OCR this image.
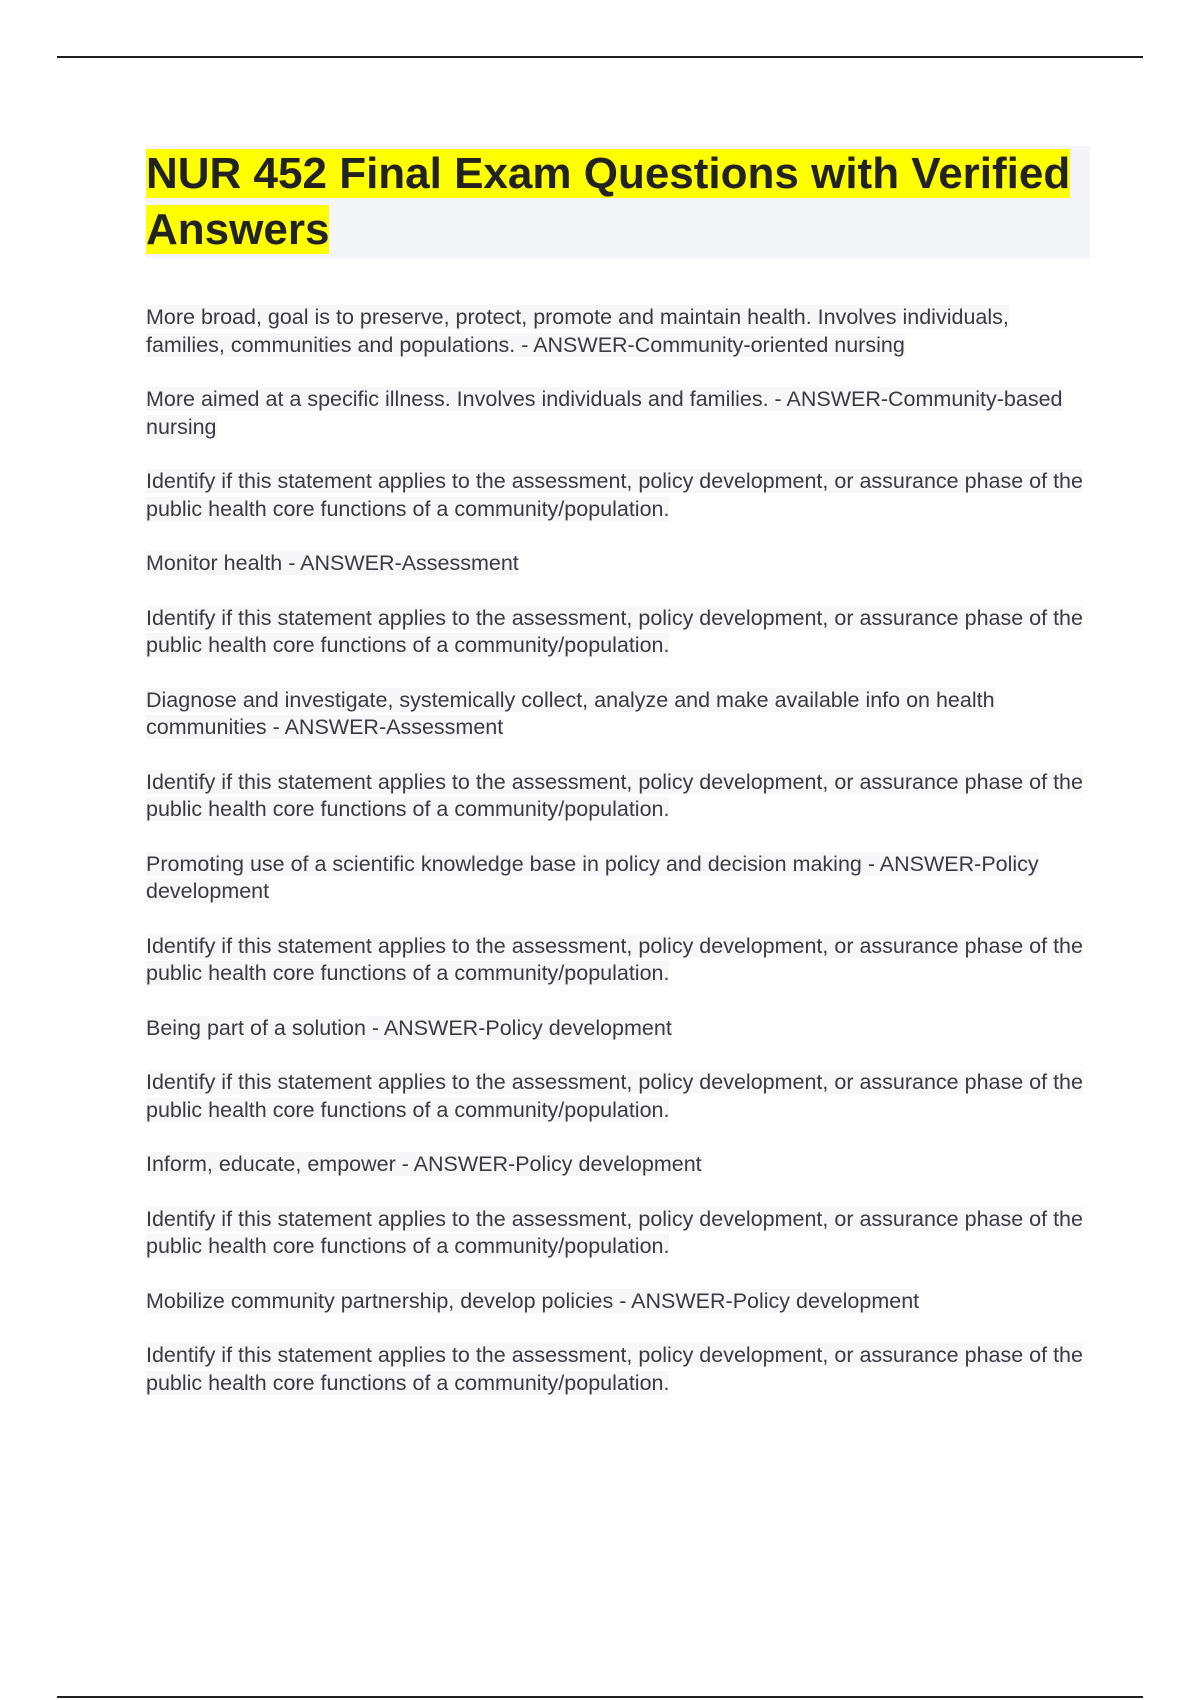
NUR 452 Final Exam Questions with Verified Answers

More broad, goal is to preserve, protect, promote and maintain health. Involves individuals, families, communities and populations. - ANSWER-Community-oriented nursing

More aimed at a specific illness. Involves individuals and families. - ANSWER-Community-based nursing

Identify if this statement applies to the assessment, policy development, or assurance phase of the public health core functions of a community/population.

Monitor health - ANSWER-Assessment

Identify if this statement applies to the assessment, policy development, or assurance phase of the public health core functions of a community/population.

Diagnose and investigate, systemically collect, analyze and make available info on health communities - ANSWER-Assessment

Identify if this statement applies to the assessment, policy development, or assurance phase of the public health core functions of a community/population.

Promoting use of a scientific knowledge base in policy and decision making - ANSWER-Policy development

Identify if this statement applies to the assessment, policy development, or assurance phase of the public health core functions of a community/population.

Being part of a solution - ANSWER-Policy development

Identify if this statement applies to the assessment, policy development, or assurance phase of the public health core functions of a community/population.

Inform, educate, empower - ANSWER-Policy development

Identify if this statement applies to the assessment, policy development, or assurance phase of the public health core functions of a community/population.

Mobilize community partnership, develop policies - ANSWER-Policy development

Identify if this statement applies to the assessment, policy development, or assurance phase of the public health core functions of a community/population.
